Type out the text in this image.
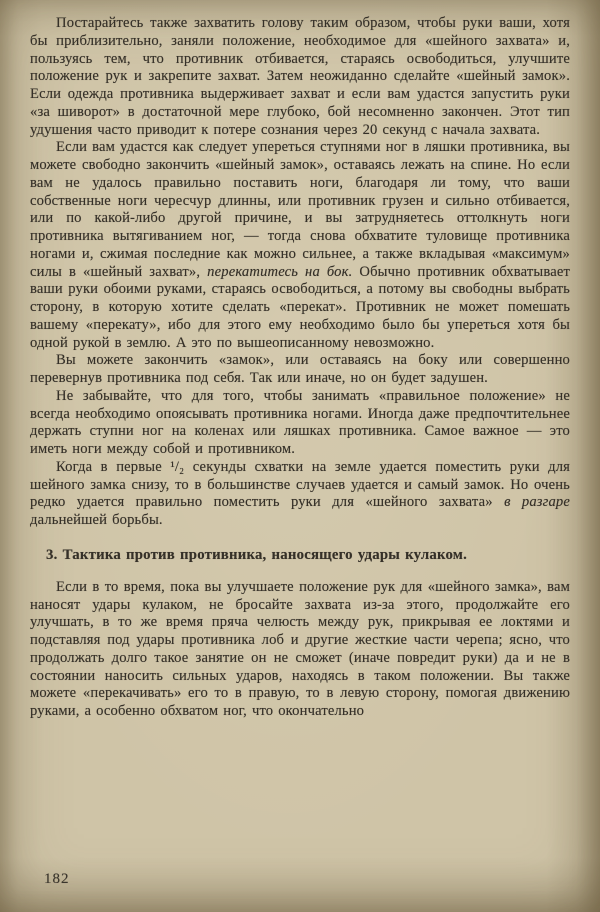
Постарайтесь также захватить голову таким образом, чтобы руки ваши, хотя бы приблизительно, заняли положение, необходимое для «шейного захвата» и, пользуясь тем, что противник отбивается, стараясь освободиться, улучшите положение рук и закрепите захват. Затем неожиданно сделайте «шейный замок». Если одежда противника выдерживает захват и если вам удастся запустить руки «за шиворот» в достаточной мере глубоко, бой несомненно закончен. Этот тип удушения часто приводит к потере сознания через 20 секунд с начала захвата.

Если вам удастся как следует упереться ступнями ног в ляшки противника, вы можете свободно закончить «шейный замок», оставаясь лежать на спине. Но если вам не удалось правильно поставить ноги, благодаря ли тому, что ваши собственные ноги чересчур длинны, или противник грузен и сильно отбивается, или по какой-либо другой причине, и вы затрудняетесь оттолкнуть ноги противника вытягиванием ног, — тогда снова обхватите туловище противника ногами и, сжимая последние как можно сильнее, а также вкладывая «максимум» силы в «шейный захват», перекатитесь на бок. Обычно противник обхватывает ваши руки обоими руками, стараясь освободиться, а потому вы свободны выбрать сторону, в которую хотите сделать «перекат». Противник не может помешать вашему «перекату», ибо для этого ему необходимо было бы упереться хотя бы одной рукой в землю. А это по вышеописанному невозможно.

Вы можете закончить «замок», или оставаясь на боку или совершенно перевернув противника под себя. Так или иначе, но он будет задушен.

Не забывайте, что для того, чтобы занимать «правильное положение» не всегда необходимо опоясывать противника ногами. Иногда даже предпочтительнее держать ступни ног на коленах или ляшках противника. Самое важное — это иметь ноги между собой и противником.

Когда в первые ¹/₂ секунды схватки на земле удается поместить руки для шейного замка снизу, то в большинстве случаев удается и самый замок. Но очень редко удается правильно поместить руки для «шейного захвата» в разгаре дальнейшей борьбы.

3. Тактика против противника, наносящего удары кулаком.

Если в то время, пока вы улучшаете положение рук для «шейного замка», вам наносят удары кулаком, не бросайте захвата из-за этого, продолжайте его улучшать, в то же время пряча челюсть между рук, прикрывая ее локтями и подставляя под удары противника лоб и другие жесткие части черепа; ясно, что продолжать долго такое занятие он не сможет (иначе повредит руки) да и не в состоянии наносить сильных ударов, находясь в таком положении. Вы также можете «перекачивать» его то в правую, то в левую сторону, помогая движению руками, а особенно обхватом ног, что окончательно

182
